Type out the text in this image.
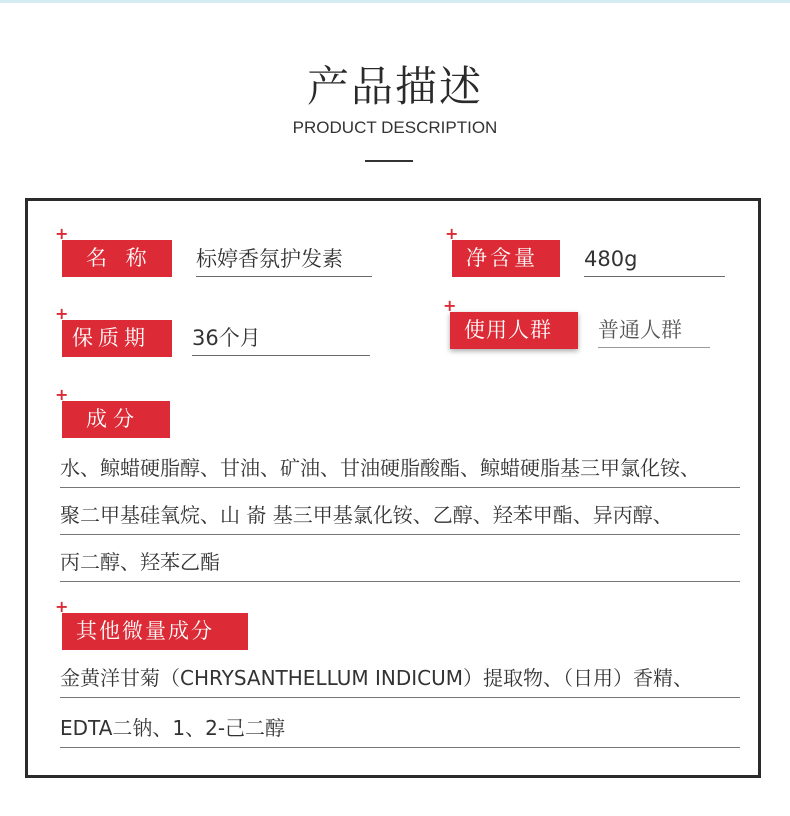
产品描述
PRODUCT DESCRIPTION
+
名 称	标婷香氛护发素
+
净含量	480g
+
保质期	36个月
+
使用人群	普通人群
+
成分
水、鲸蜡硬脂醇、甘油、矿油、甘油硬脂酸酯、鲸蜡硬脂基三甲氯化铵、
聚二甲基硅氧烷、山 嵛 基三甲基氯化铵、乙醇、羟苯甲酯、异丙醇、
丙二醇、羟苯乙酯
+
其他微量成分
金黄洋甘菊（CHRYSANTHELLUM INDICUM）提取物、（日用）香精、
EDTA二钠、1、2-己二醇
